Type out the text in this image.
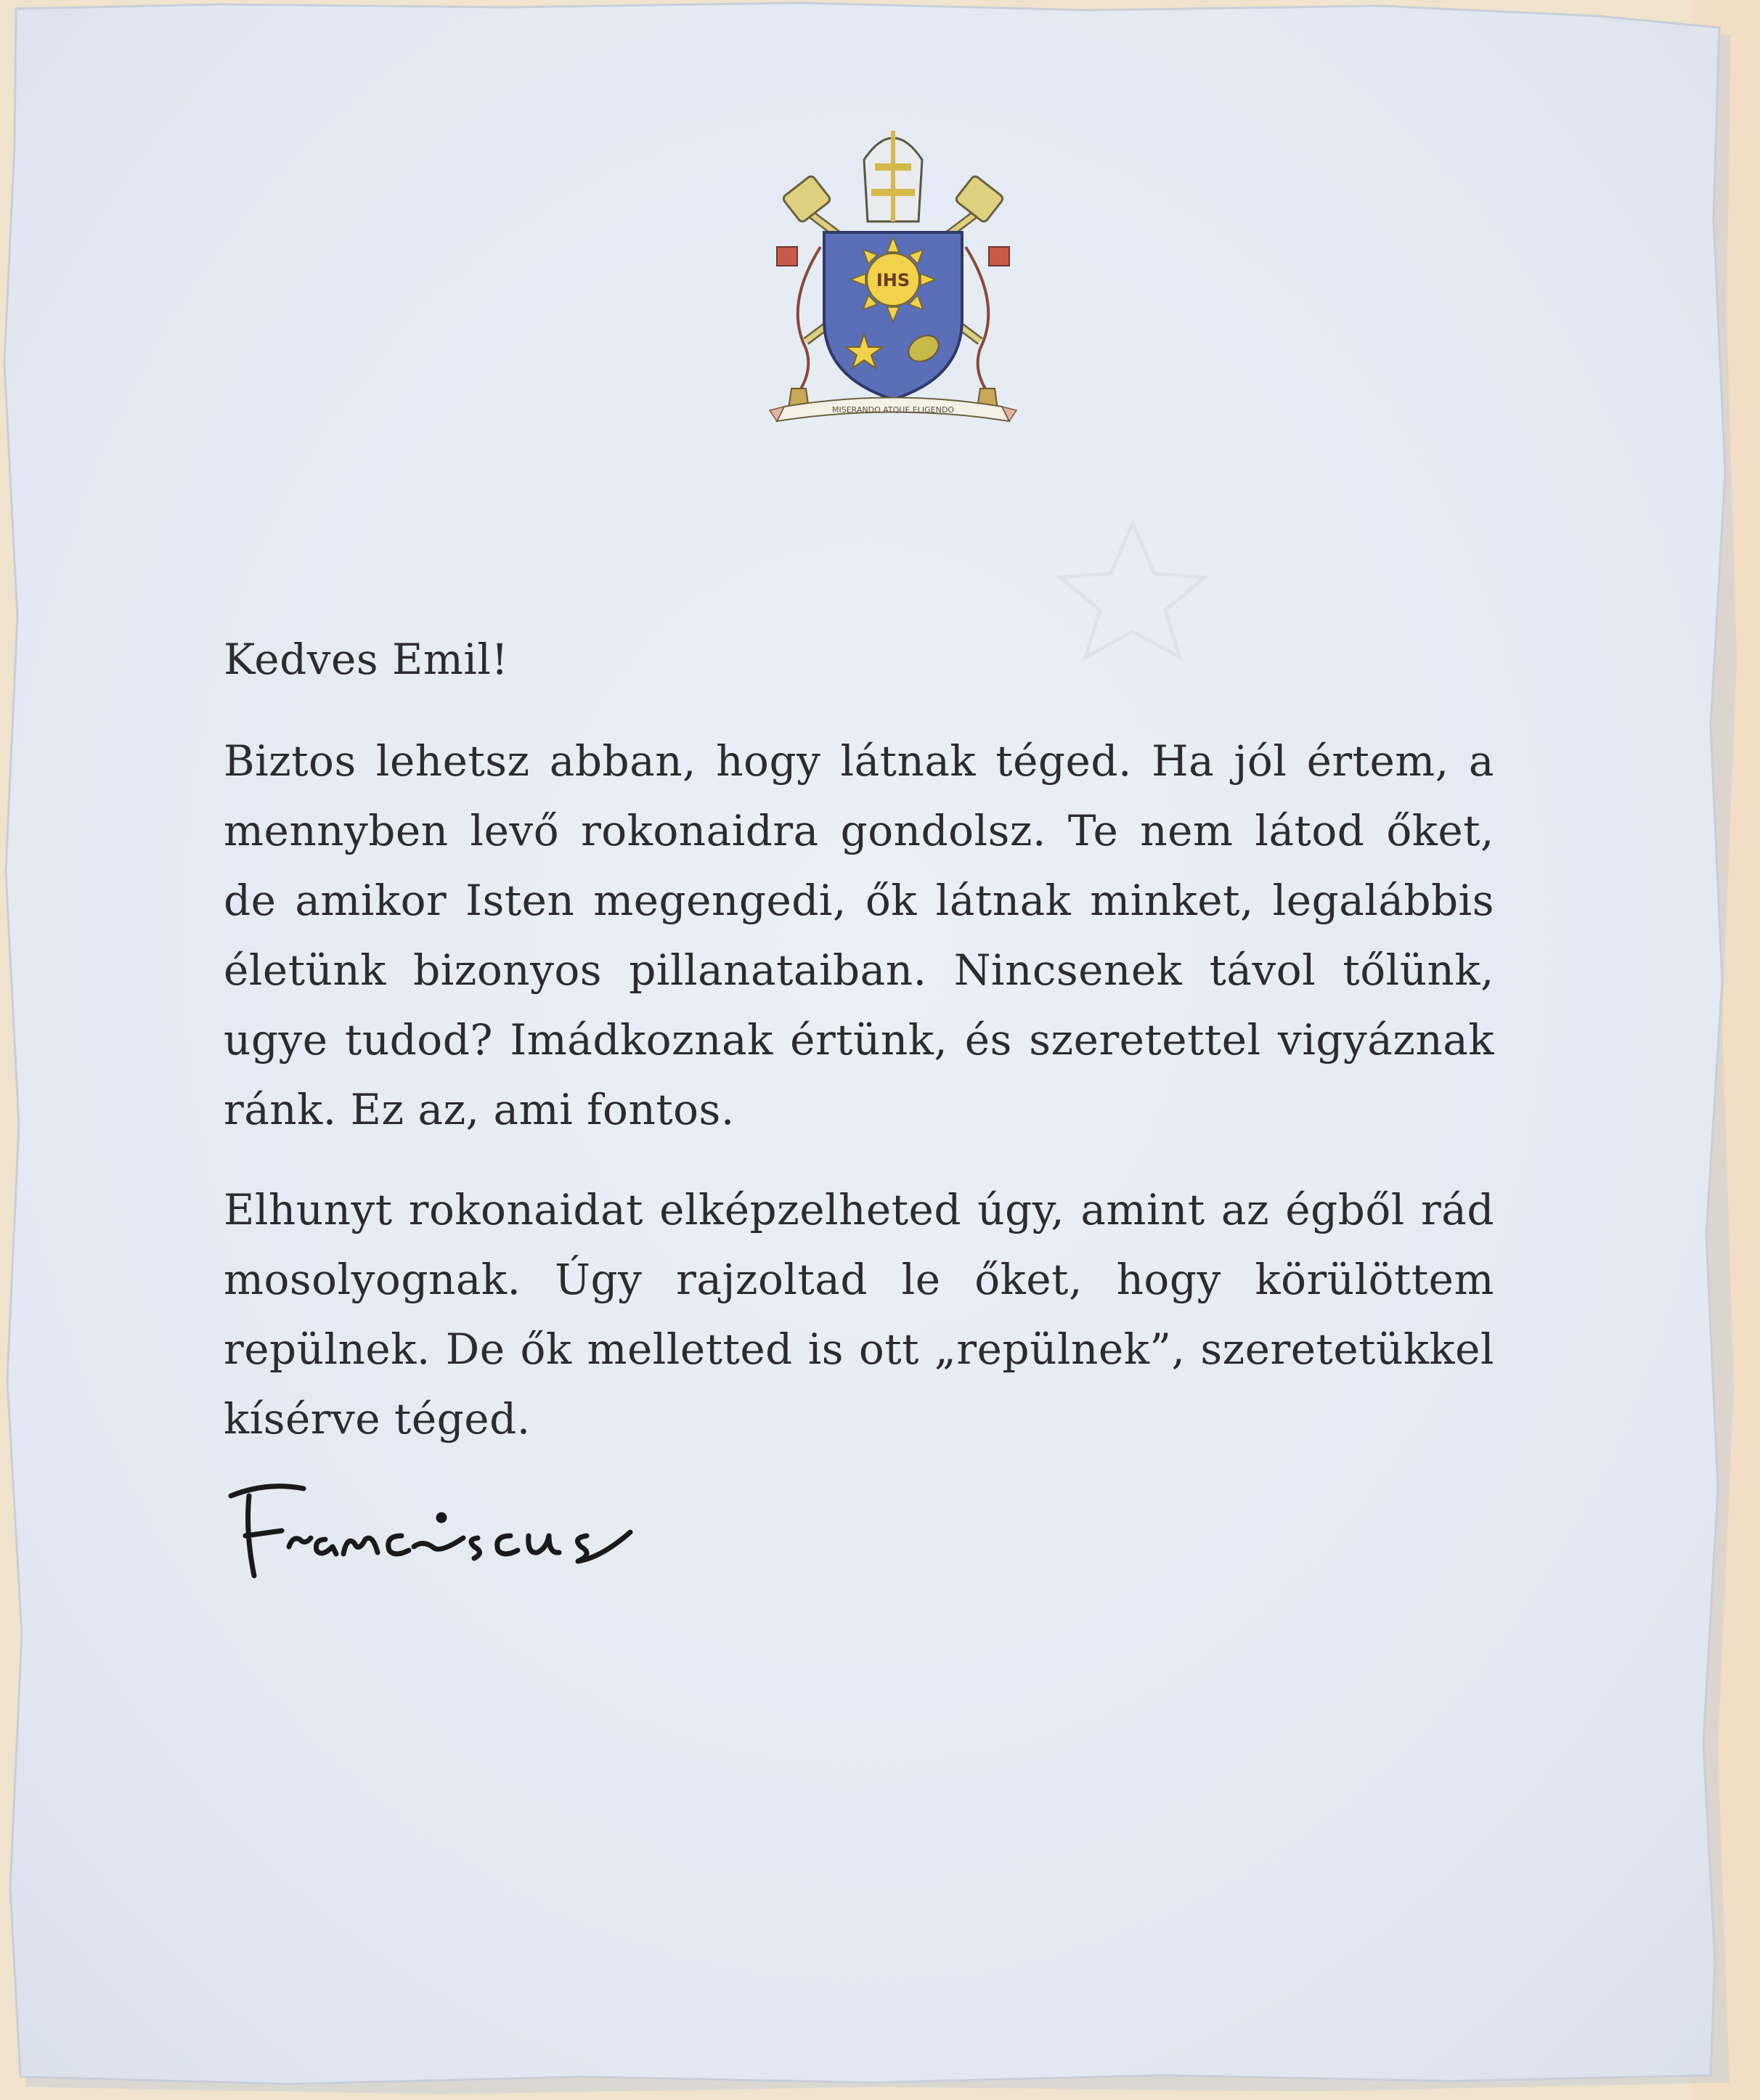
IHS
MISERANDO ATQUE ELIGENDO
Kedves Emil!
Biztos lehetsz abban, hogy látnak téged. Ha jól értem, a mennyben levő rokonaidra gondolsz. Te nem látod őket, de amikor Isten megengedi, ők látnak minket, legalábbis életünk bizonyos pillanataiban. Nincsenek távol tőlünk, ugye tudod? Imádkoznak értünk, és szeretettel vigyáznak ránk. Ez az, ami fontos.
Elhunyt rokonaidat elképzelheted úgy, amint az égből rád mosolyognak. Úgy rajzoltad le őket, hogy körülöttem repülnek. De ők melletted is ott „repülnek”, szeretetükkel kísérve téged.
